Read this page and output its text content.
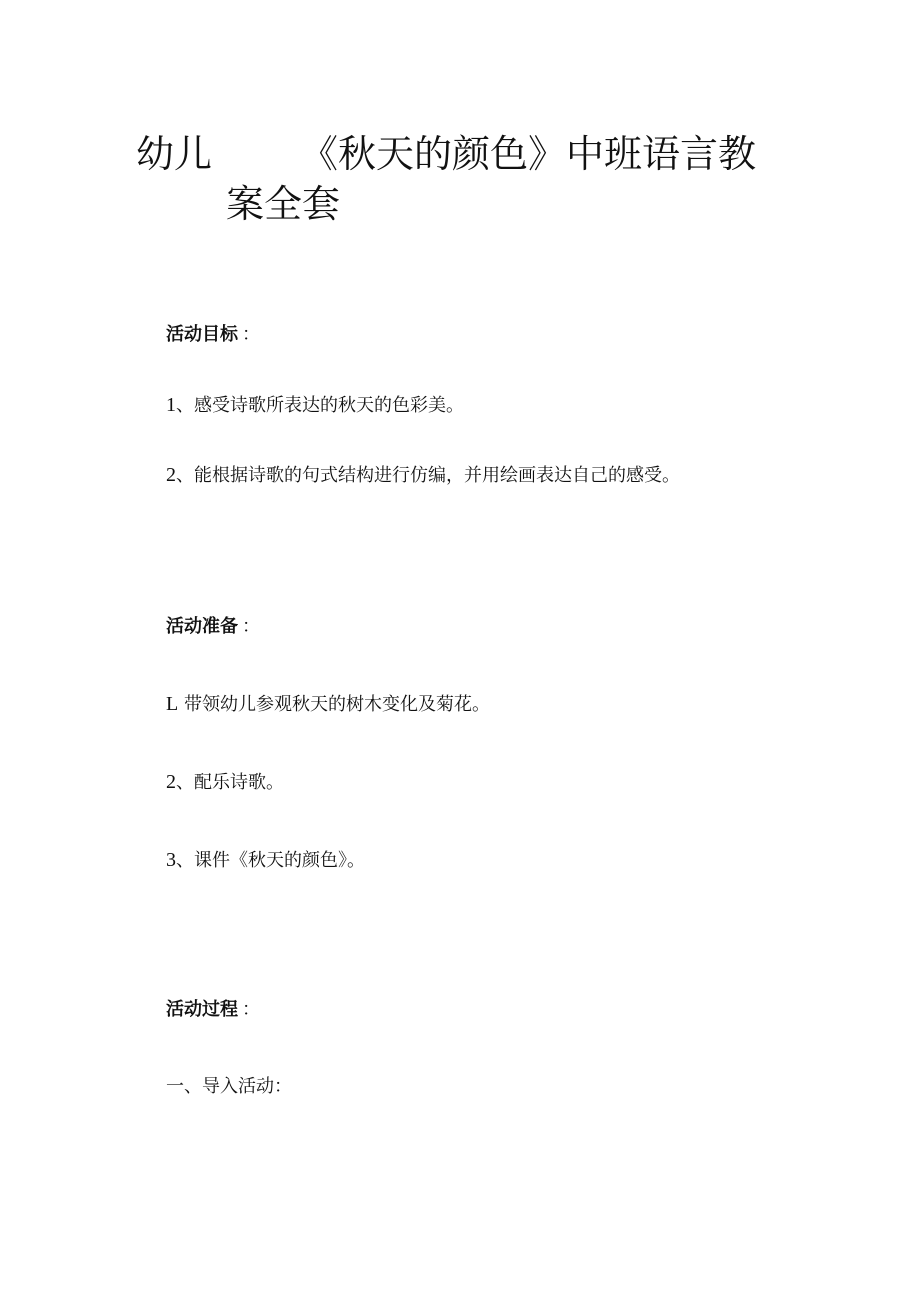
幼儿 《秋天的颜色》中班语言教
案全套
活动目标 ：
1、感受诗歌所表达的秋天的色彩美。
2、能根据诗歌的句式结构进行仿编，并用绘画表达自己的感受。
活动准备 ：
L 带领幼儿参观秋天的树木变化及菊花。
2、配乐诗歌。
3、课件《秋天的颜色》。
活动过程 ：
一、导入活动：
